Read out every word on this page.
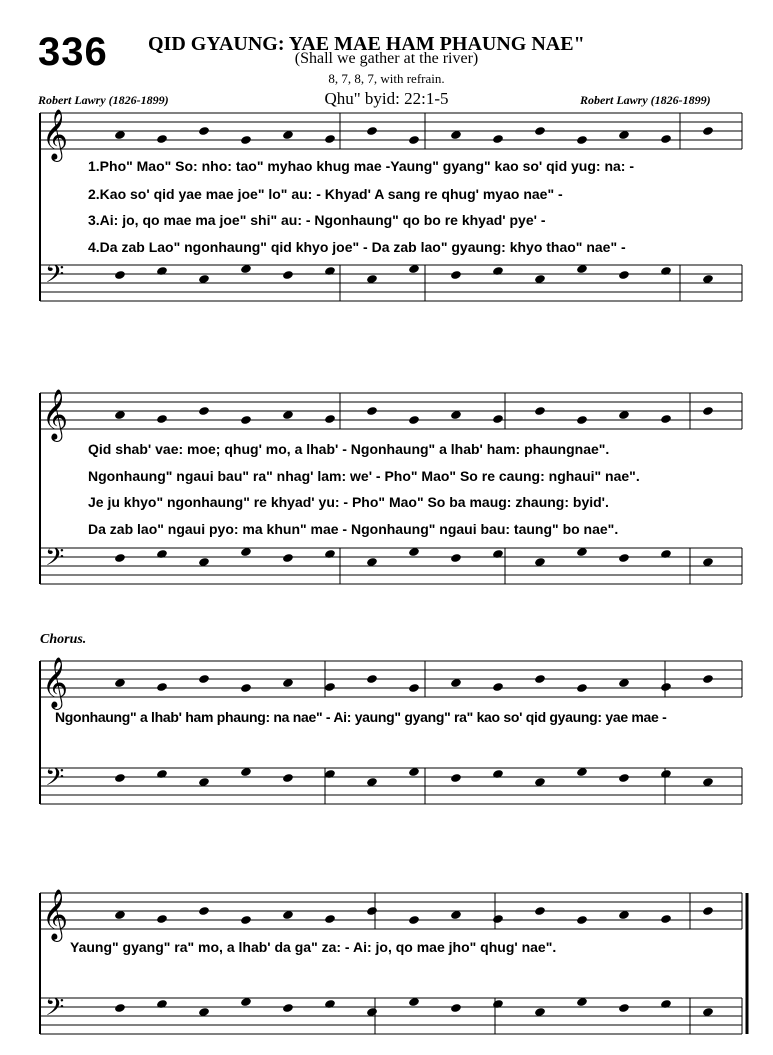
336 QID GYAUNG: YAE MAE HAM PHAUNG NAE"
(Shall we gather at the river)
8, 7, 8, 7, with refrain.
Qhu" byid: 22:1-5
Robert Lawry (1826-1899)	Robert Lawry (1826-1899)
𝄞
𝄢
𝄞
𝄢
𝄞
𝄢
𝄞
𝄢
1.Pho" Mao" So: nho: tao" myhao khug mae -Yaung" gyang" kao so' qid yug: na: -
2.Kao so' qid yae mae joe" lo" au: - Khyad' A sang re qhug' myao nae" -
3.Ai: jo, qo mae ma joe" shi" au: - Ngonhaung" qo bo re khyad' pye' -
4.Da zab Lao" ngonhaung" qid khyo joe" - Da zab lao" gyaung: khyo thao" nae" -
Qid shab' vae: moe; qhug' mo, a lhab' - Ngonhaung" a lhab' ham: phaungnae".
Ngonhaung" ngaui bau" ra" nhag' lam: we' - Pho" Mao" So re caung: nghaui" nae".
Je ju khyo" ngonhaung" re khyad' yu: - Pho" Mao" So ba maug: zhaung: byid'.
Da zab lao" ngaui pyo: ma khun" mae - Ngonhaung" ngaui bau: taung" bo nae".
Chorus.
Ngonhaung" a lhab' ham phaung: na nae" - Ai: yaung" gyang" ra" kao so' qid gyaung: yae mae -
Yaung" gyang" ra" mo, a lhab' da ga" za: - Ai: jo, qo mae jho" qhug' nae".
